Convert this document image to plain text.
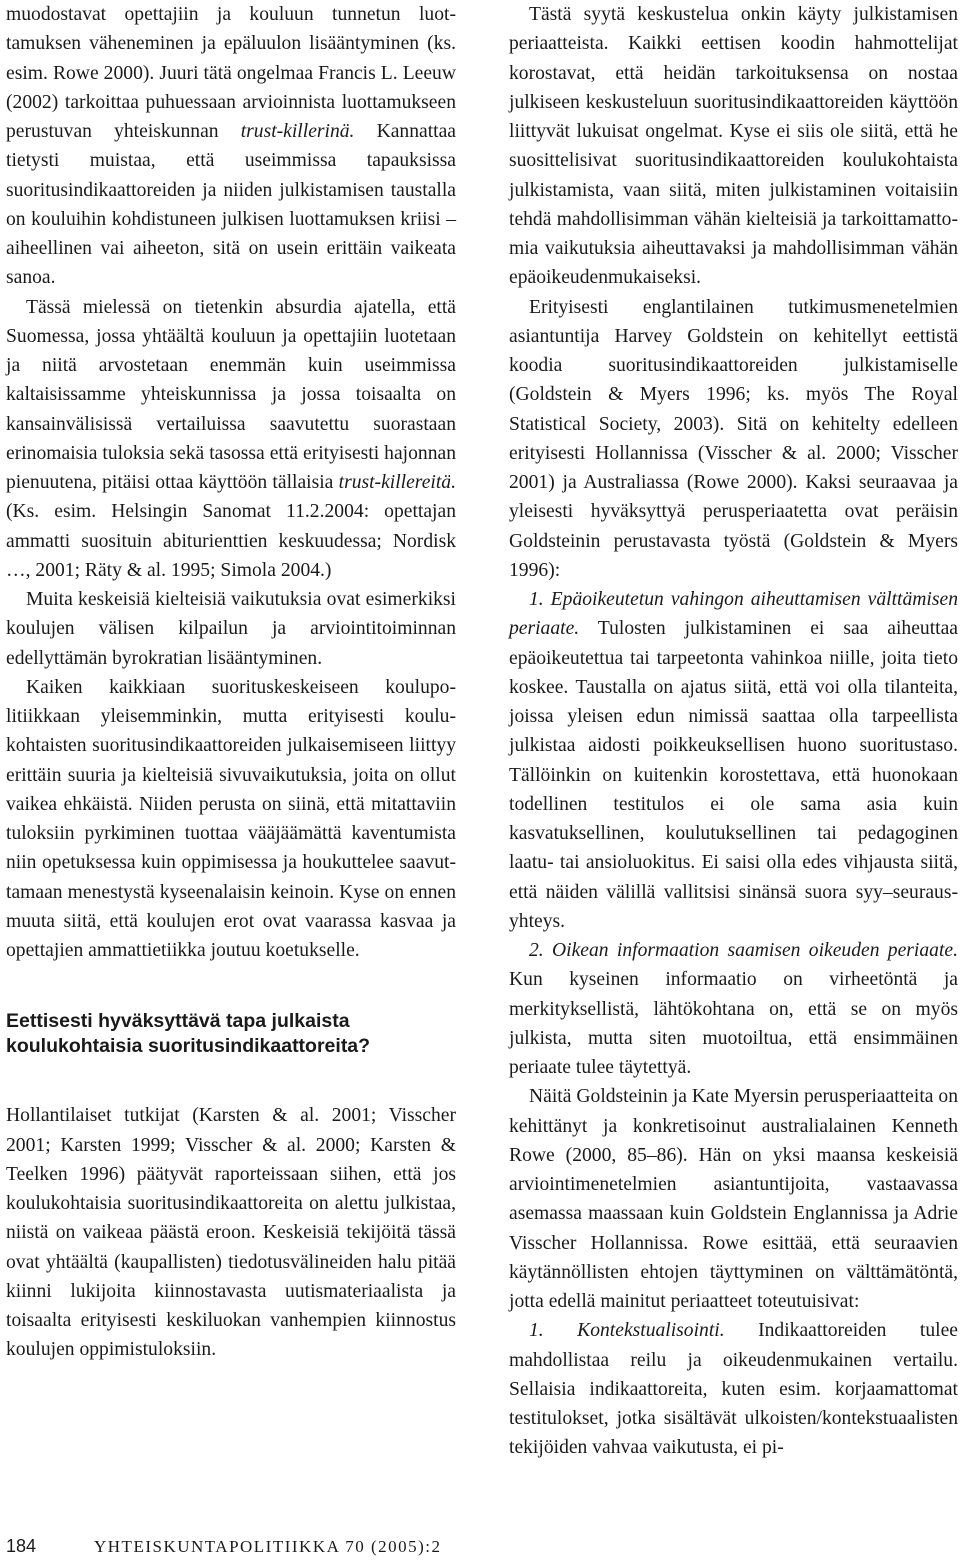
muodostavat opettajiin ja kouluun tunnetun luottamuksen väheneminen ja epäluulon lisääntyminen (ks. esim. Rowe 2000). Juuri tätä ongelmaa Francis L. Leeuw (2002) tarkoittaa puhuessaan arvioinnista luottamukseen perustuvan yhteiskunnan trust-killerinä. Kannattaa tietysti muistaa, että useimmissa tapauksissa suoritusindikaattoreiden ja niiden julkistamisen taustalla on kouluihin kohdistuneen julkisen luottamuksen kriisi – aiheellinen vai aiheeton, sitä on usein erittäin vaikeata sanoa.

Tässä mielessä on tietenkin absurdia ajatella, että Suomessa, jossa yhtäältä kouluun ja opettajiin luotetaan ja niitä arvostetaan enemmän kuin useimmissa kaltaisissamme yhteiskunnissa ja jossa toisaalta on kansainvälisissä vertailuissa saavutettu suorastaan erinomaisia tuloksia sekä tasossa että erityisesti hajonnan pienuutena, pitäisi ottaa käyttöön tällaisia trust-killereitä. (Ks. esim. Helsingin Sanomat 11.2.2004: opettajan ammatti suosituin abiturienttien keskuudessa; Nordisk …, 2001; Räty & al. 1995; Simola 2004.)

Muita keskeisiä kielteisiä vaikutuksia ovat esimerkiksi koulujen välisen kilpailun ja arviointitoiminnan edellyttämän byrokratian lisääntyminen.

Kaiken kaikkiaan suorituskeskeiseen koulupolitiikkaan yleisemminkin, mutta erityisesti koulukohtaisten suoritusindikaattoreiden julkaisemiseen liittyy erittäin suuria ja kielteisiä sivuvaikutuksia, joita on ollut vaikea ehkäistä. Niiden perusta on siinä, että mitattaviin tuloksiin pyrkiminen tuottaa vääjäämättä kaventumista niin opetuksessa kuin oppimisessa ja houkuttelee saavuttamaan menestystä kyseenalaisin keinoin. Kyse on ennen muuta siitä, että koulujen erot ovat vaarassa kasvaa ja opettajien ammattietiikka joutuu koetukselle.

Eettisesti hyväksyttävä tapa julkaista koulukohtaisia suoritusindikaattoreita?

Hollantilaiset tutkijat (Karsten & al. 2001; Visscher 2001; Karsten 1999; Visscher & al. 2000; Karsten & Teelken 1996) päätyvät raporteissaan siihen, että jos koulukohtaisia suoritusindikaattoreita on alettu julkistaa, niistä on vaikeaa päästä eroon. Keskeisiä tekijöitä tässä ovat yhtäältä (kaupallisten) tiedotusvälineiden halu pitää kiinni lukijoita kiinnostavasta uutismateriaalista ja toisaalta erityisesti keskiluokan vanhempien kiinnostus koulujen oppimistuloksiin.

Tästä syytä keskustelua onkin käyty julkistamisen periaatteista. Kaikki eettisen koodin hahmottelijat korostavat, että heidän tarkoituksensa on nostaa julkiseen keskusteluun suoritusindikaattoreiden käyttöön liittyvät lukuisat ongelmat. Kyse ei siis ole siitä, että he suosittelisivat suoritusindikaattoreiden koulukohtaista julkistamista, vaan siitä, miten julkistaminen voitaisiin tehdä mahdollisimman vähän kielteisiä ja tarkoittamattomia vaikutuksia aiheuttavaksi ja mahdollisimman vähän epäoikeudenmukaiseksi.

Erityisesti englantilainen tutkimusmenetelmien asiantuntija Harvey Goldstein on kehitellyt eettistä koodia suoritusindikaattoreiden julkistamiselle (Goldstein & Myers 1996; ks. myös The Royal Statistical Society, 2003). Sitä on kehitelty edelleen erityisesti Hollannissa (Visscher & al. 2000; Visscher 2001) ja Australiassa (Rowe 2000). Kaksi seuraavaa ja yleisesti hyväksyttyä perusperiaatetta ovat peräisin Goldsteinin perustavasta työstä (Goldstein & Myers 1996):

1. Epäoikeutetun vahingon aiheuttamisen välttämisen periaate. Tulosten julkistaminen ei saa aiheuttaa epäoikeutettua tai tarpeetonta vahinkoa niille, joita tieto koskee. Taustalla on ajatus siitä, että voi olla tilanteita, joissa yleisen edun nimissä saattaa olla tarpeellista julkistaa aidosti poikkeuksellisen huono suoritustaso. Tällöinkin on kuitenkin korostettava, että huonokaan todellinen testitulos ei ole sama asia kuin kasvatuksellinen, koulutuksellinen tai pedagoginen laatu- tai ansioluokitus. Ei saisi olla edes vihjausta siitä, että näiden välillä vallitsisi sinänsä suora syy–seuraus-yhteys.

2. Oikean informaation saamisen oikeuden periaate. Kun kyseinen informaatio on virheetöntä ja merkityksellistä, lähtökohtana on, että se on myös julkista, mutta siten muotoiltua, että ensimmäinen periaate tulee täytettyä.

Näitä Goldsteinin ja Kate Myersin perusperiaatteita on kehittänyt ja konkretisoinut australialainen Kenneth Rowe (2000, 85–86). Hän on yksi maansa keskeisiä arviointimenetelmien asiantuntijoita, vastaavassa asemassa maassaan kuin Goldstein Englannissa ja Adrie Visscher Hollannissa. Rowe esittää, että seuraavien käytännöllisten ehtojen täyttyminen on välttämätöntä, jotta edellä mainitut periaatteet toteutuisivat:

1. Kontekstualisointi. Indikaattoreiden tulee mahdollistaa reilu ja oikeudenmukainen vertailu. Sellaisia indikaattoreita, kuten esim. korjaamattomat testitulokset, jotka sisältävät ulkoisten/kontekstuaalisten tekijöiden vahvaa vaikutusta, ei pi-

184	YHTEISKUNTAPOLITIIKKA 70 (2005):2
